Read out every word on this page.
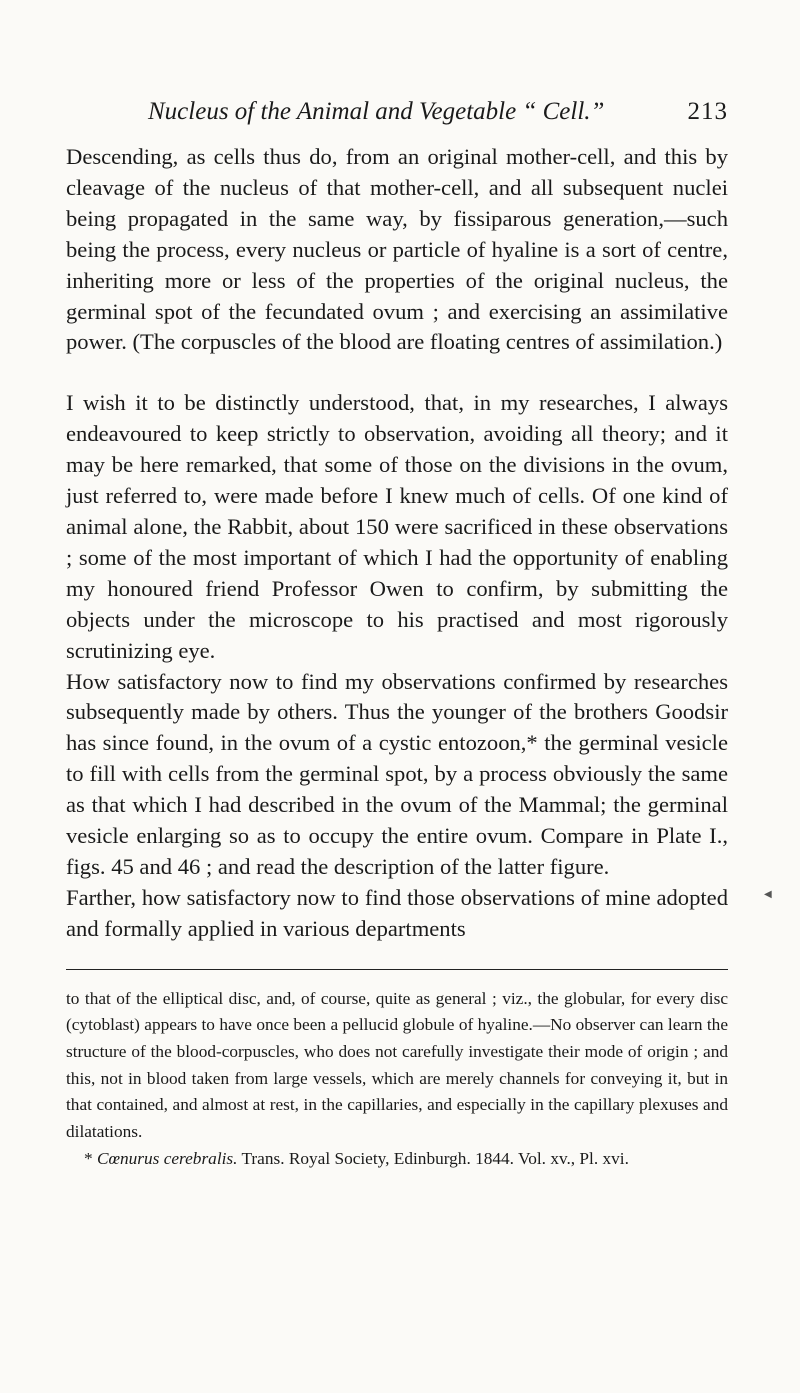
Nucleus of the Animal and Vegetable “ Cell.”	213

Descending, as cells thus do, from an original mother-cell, and this by cleavage of the nucleus of that mother-cell, and all subsequent nuclei being propagated in the same way, by fissiparous generation,—such being the process, every nucleus or particle of hyaline is a sort of centre, inheriting more or less of the properties of the original nucleus, the germinal spot of the fecundated ovum ; and exercising an assimilative power. (The corpuscles of the blood are floating centres of assimilation.)

I wish it to be distinctly understood, that, in my researches, I always endeavoured to keep strictly to observation, avoiding all theory; and it may be here remarked, that some of those on the divisions in the ovum, just referred to, were made before I knew much of cells. Of one kind of animal alone, the Rabbit, about 150 were sacrificed in these observations ; some of the most important of which I had the opportunity of enabling my honoured friend Professor Owen to confirm, by submitting the objects under the microscope to his practised and most rigorously scrutinizing eye.

How satisfactory now to find my observations confirmed by researches subsequently made by others. Thus the younger of the brothers Goodsir has since found, in the ovum of a cystic entozoon,* the germinal vesicle to fill with cells from the germinal spot, by a process obviously the same as that which I had described in the ovum of the Mammal; the germinal vesicle enlarging so as to occupy the entire ovum. Compare in Plate I., figs. 45 and 46 ; and read the description of the latter figure.

Farther, how satisfactory now to find those observations of mine adopted and formally applied in various departments

to that of the elliptical disc, and, of course, quite as general ; viz., the globular, for every disc (cytoblast) appears to have once been a pellucid globule of hyaline.—No observer can learn the structure of the blood-corpuscles, who does not carefully investigate their mode of origin ; and this, not in blood taken from large vessels, which are merely channels for conveying it, but in that contained, and almost at rest, in the capillaries, and especially in the capillary plexuses and dilatations.

* Cœnurus cerebralis. Trans. Royal Society, Edinburgh. 1844. Vol. xv., Pl. xvi.

◀
